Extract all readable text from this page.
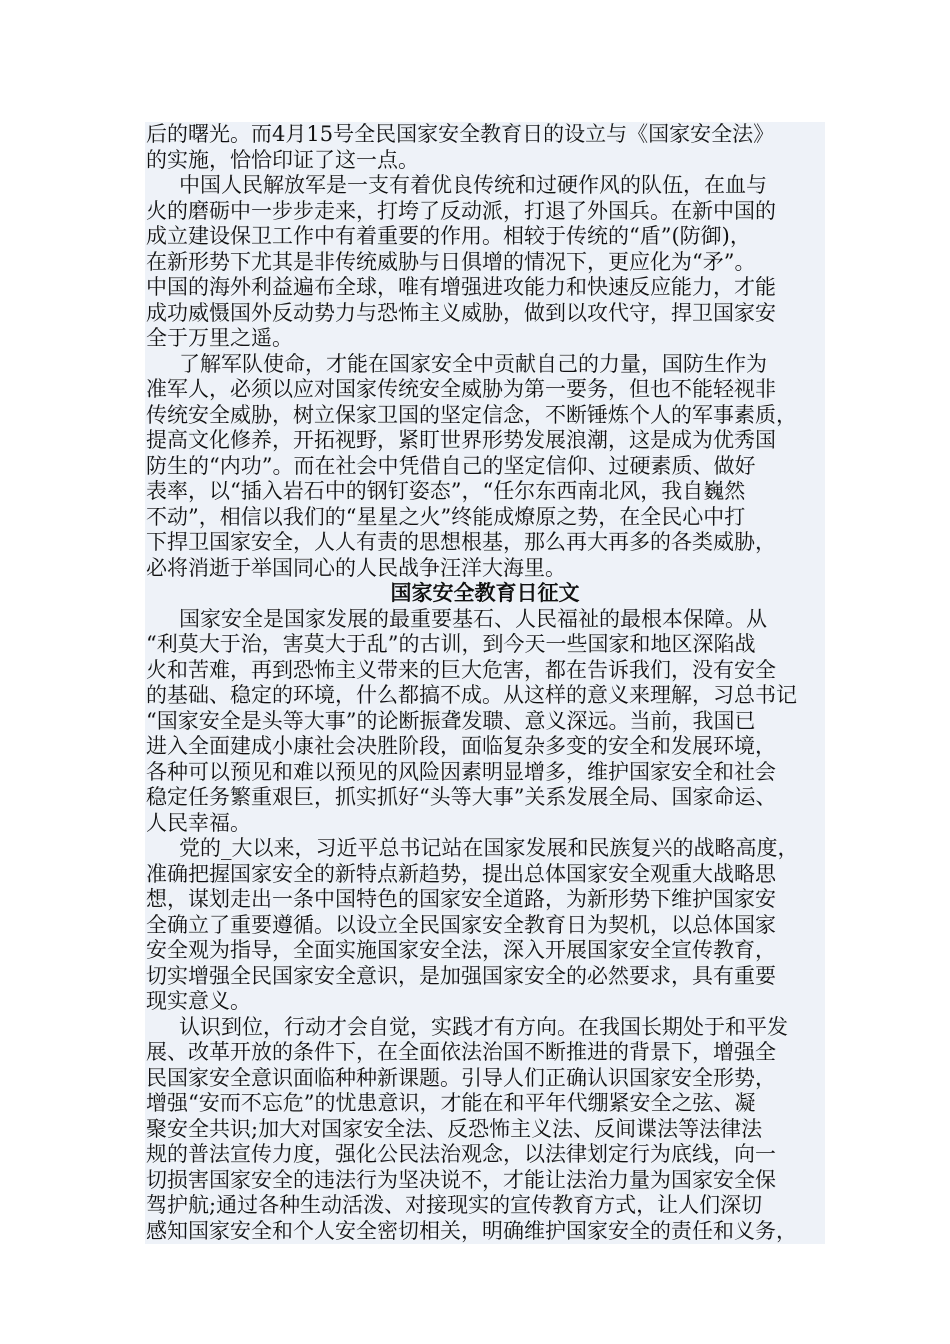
后的曙光。而4月15号全民国家安全教育日的设立与《国家安全法》
的实施，恰恰印证了这一点。
中国人民解放军是一支有着优良传统和过硬作风的队伍，在血与
火的磨砺中一步步走来，打垮了反动派，打退了外国兵。在新中国的
成立建设保卫工作中有着重要的作用。相较于传统的“盾”(防御)，
在新形势下尤其是非传统威胁与日俱增的情况下，更应化为“矛”。
中国的海外利益遍布全球，唯有增强进攻能力和快速反应能力，才能
成功威慑国外反动势力与恐怖主义威胁，做到以攻代守，捍卫国家安
全于万里之遥。
了解军队使命，才能在国家安全中贡献自己的力量，国防生作为
准军人，必须以应对国家传统安全威胁为第一要务，但也不能轻视非
传统安全威胁，树立保家卫国的坚定信念，不断锤炼个人的军事素质，
提高文化修养，开拓视野，紧盯世界形势发展浪潮，这是成为优秀国
防生的“内功”。而在社会中凭借自己的坚定信仰、过硬素质、做好
表率，以“插入岩石中的钢钉姿态”，“任尔东西南北风，我自巍然
不动”，相信以我们的“星星之火”终能成燎原之势，在全民心中打
下捍卫国家安全，人人有责的思想根基，那么再大再多的各类威胁，
必将消逝于举国同心的人民战争汪洋大海里。
国家安全教育日征文
国家安全是国家发展的最重要基石、人民福祉的最根本保障。从
“利莫大于治，害莫大于乱”的古训，到今天一些国家和地区深陷战
火和苦难，再到恐怖主义带来的巨大危害，都在告诉我们，没有安全
的基础、稳定的环境，什么都搞不成。从这样的意义来理解，习总书记
“国家安全是头等大事”的论断振聋发聩、意义深远。当前，我国已
进入全面建成小康社会决胜阶段，面临复杂多变的安全和发展环境，
各种可以预见和难以预见的风险因素明显增多，维护国家安全和社会
稳定任务繁重艰巨，抓实抓好“头等大事”关系发展全局、国家命运、
人民幸福。
党的_大以来，习近平总书记站在国家发展和民族复兴的战略高度，
准确把握国家安全的新特点新趋势，提出总体国家安全观重大战略思
想，谋划走出一条中国特色的国家安全道路，为新形势下维护国家安
全确立了重要遵循。以设立全民国家安全教育日为契机，以总体国家
安全观为指导，全面实施国家安全法，深入开展国家安全宣传教育，
切实增强全民国家安全意识，是加强国家安全的必然要求，具有重要
现实意义。
认识到位，行动才会自觉，实践才有方向。在我国长期处于和平发
展、改革开放的条件下，在全面依法治国不断推进的背景下，增强全
民国家安全意识面临种种新课题。引导人们正确认识国家安全形势，
增强“安而不忘危”的忧患意识，才能在和平年代绷紧安全之弦、凝
聚安全共识;加大对国家安全法、反恐怖主义法、反间谍法等法律法
规的普法宣传力度，强化公民法治观念，以法律划定行为底线，向一
切损害国家安全的违法行为坚决说不，才能让法治力量为国家安全保
驾护航;通过各种生动活泼、对接现实的宣传教育方式，让人们深切
感知国家安全和个人安全密切相关，明确维护国家安全的责任和义务，
